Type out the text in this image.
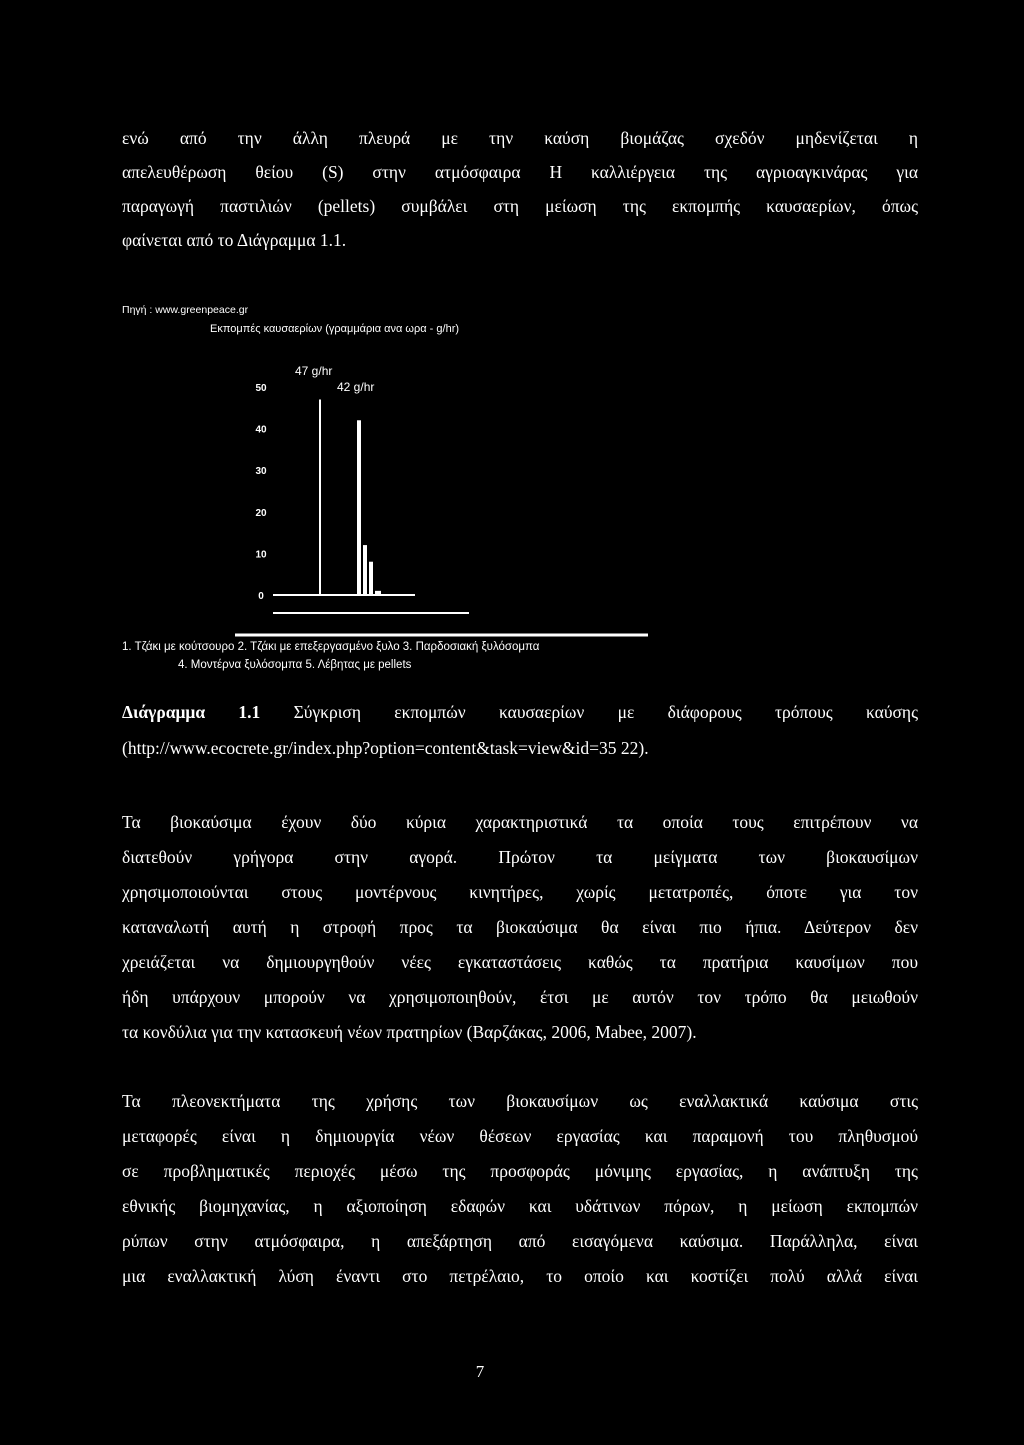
ενώ από την άλλη πλευρά με την καύση βιομάζας σχεδόν μηδενίζεται η
απελευθέρωση θείου (S) στην ατμόσφαιρα Η καλλιέργεια της αγριοαγκινάρας για
παραγωγή παστιλιών (pellets) συμβάλει στη μείωση της εκπομπής καυσαερίων, όπως
φαίνεται από το Διάγραμμα 1.1.
Πηγή : www.greenpeace.gr
Εκπομπές καυσαερίων (γραμμάρια ανα ωρα - g/hr)
50
40
30
20
10
0
47 g/hr
42 g/hr
1. Τζάκι με κούτσουρο 2. Τζάκι με επεξεργασμένο ξυλο 3. Παρδοσιακή ξυλόσομπα
4. Μοντέρνα ξυλόσομπα 5. Λέβητας με pellets
Διάγραμμα 1.1 Σύγκριση εκπομπών καυσαερίων με διάφορους τρόπους καύσης
(http://www.ecocrete.gr/index.php?option=content&task=view&id=35 22).
Τα βιοκαύσιμα έχουν δύο κύρια χαρακτηριστικά τα οποία τους επιτρέπουν να
διατεθούν γρήγορα στην αγορά. Πρώτον τα μείγματα των βιοκαυσίμων
χρησιμοποιούνται στους μοντέρνους κινητήρες, χωρίς μετατροπές, όποτε για τον
καταναλωτή αυτή η στροφή προς τα βιοκαύσιμα θα είναι πιο ήπια. Δεύτερον δεν
χρειάζεται να δημιουργηθούν νέες εγκαταστάσεις καθώς τα πρατήρια καυσίμων που
ήδη υπάρχουν μπορούν να χρησιμοποιηθούν, έτσι με αυτόν τον τρόπο θα μειωθούν
τα κονδύλια για την κατασκευή νέων πρατηρίων (Βαρζάκας, 2006, Mabee, 2007).
Τα πλεονεκτήματα της χρήσης των βιοκαυσίμων ως εναλλακτικά καύσιμα στις
μεταφορές είναι η δημιουργία νέων θέσεων εργασίας και παραμονή του πληθυσμού
σε προβληματικές περιοχές μέσω της προσφοράς μόνιμης εργασίας, η ανάπτυξη της
εθνικής βιομηχανίας, η αξιοποίηση εδαφών και υδάτινων πόρων, η μείωση εκπομπών
ρύπων στην ατμόσφαιρα, η απεξάρτηση από εισαγόμενα καύσιμα. Παράλληλα, είναι
μια εναλλακτική λύση έναντι στο πετρέλαιο, το οποίο και κοστίζει πολύ αλλά είναι
7
